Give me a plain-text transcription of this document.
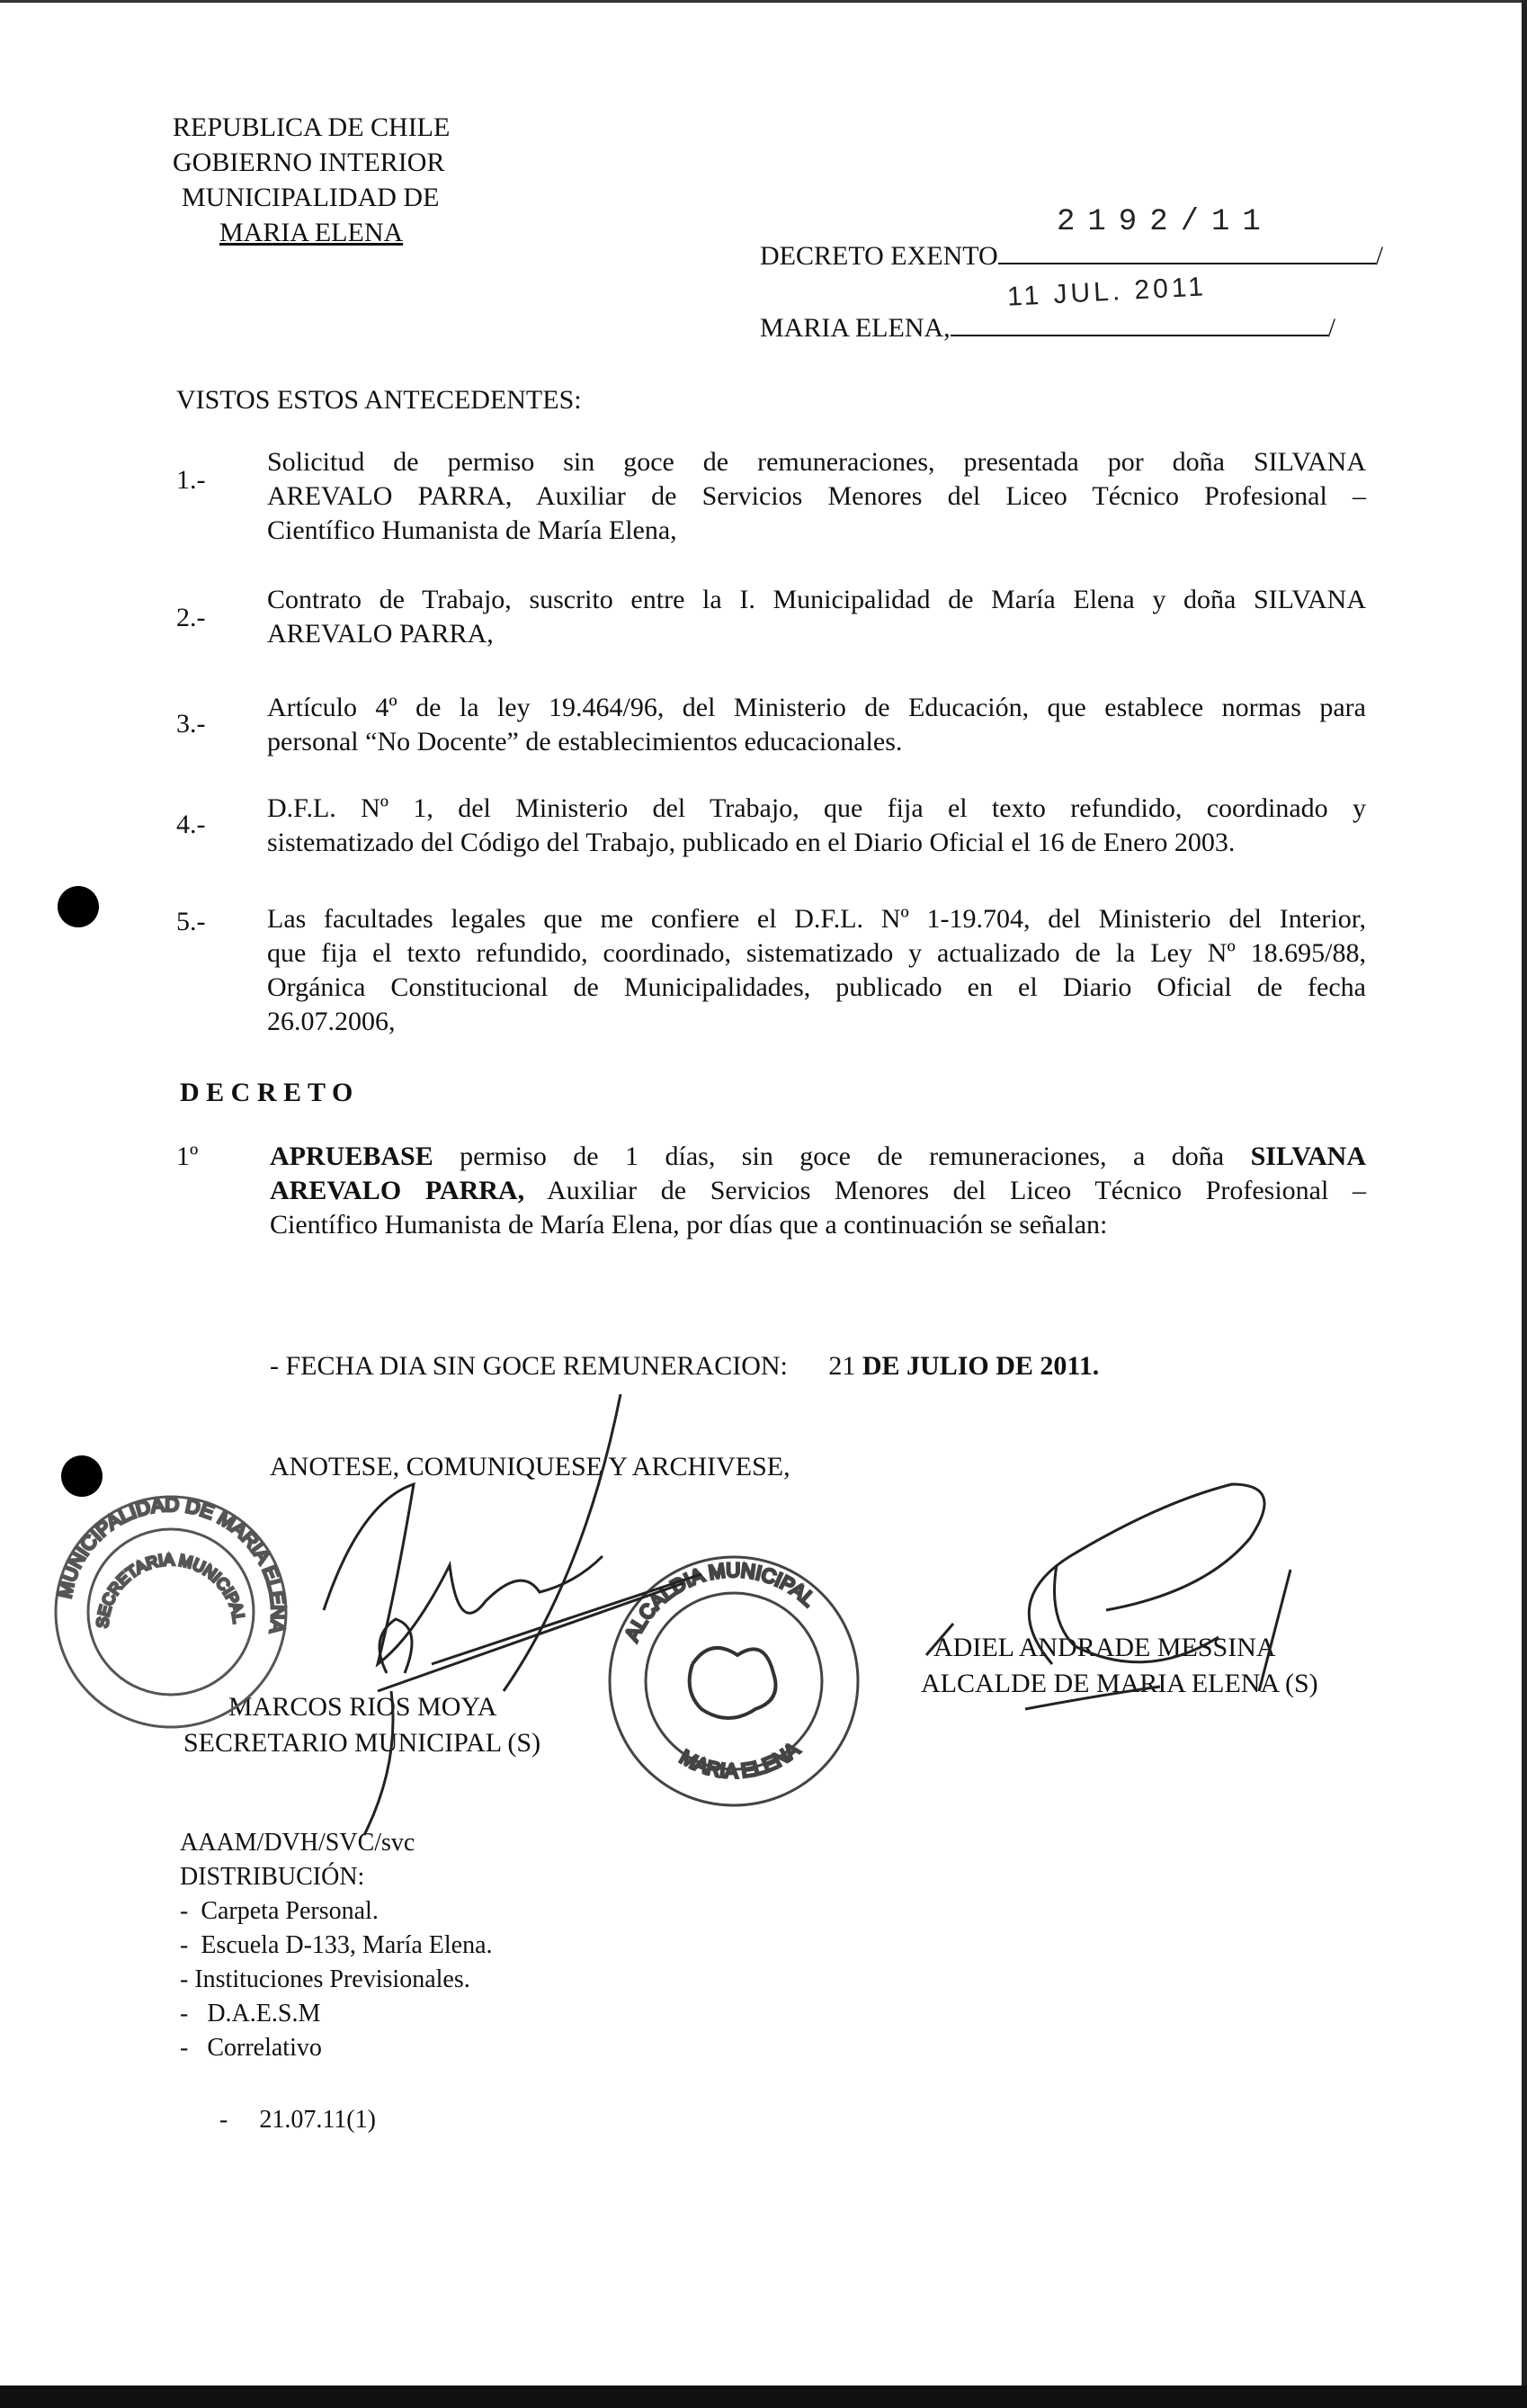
REPUBLICA DE CHILE
GOBIERNO INTERIOR
MUNICIPALIDAD DE
MARIA ELENA
DECRETO EXENTO	/
2192/11
MARIA ELENA,	/
11 JUL. 2011
VISTOS ESTOS ANTECEDENTES:
1.-
Solicitud de permiso sin goce de remuneraciones, presentada por doña SILVANA
AREVALO PARRA, Auxiliar de Servicios Menores del Liceo Técnico Profesional –
Científico Humanista de María Elena,
2.-
Contrato de Trabajo, suscrito entre la I. Municipalidad de María Elena y doña SILVANA
AREVALO PARRA,
3.-
Artículo 4º de la ley 19.464/96, del Ministerio de Educación, que establece normas para
personal “No Docente” de establecimientos educacionales.
4.-
D.F.L. Nº 1, del Ministerio del Trabajo, que fija el texto refundido, coordinado y
sistematizado del Código del Trabajo, publicado en el Diario Oficial el 16 de Enero 2003.
5.- Las facultades legales que me confiere el D.F.L. Nº 1-19.704, del Ministerio del Interior,
que fija el texto refundido, coordinado, sistematizado y actualizado de la Ley Nº 18.695/88,
Orgánica Constitucional de Municipalidades, publicado en el Diario Oficial de fecha
26.07.2006,
D E C R E T O
1º	APRUEBASE permiso de 1 días, sin goce de remuneraciones, a doña SILVANA
AREVALO PARRA, Auxiliar de Servicios Menores del Liceo Técnico Profesional –
Científico Humanista de María Elena, por días que a continuación se señalan:
- FECHA DIA SIN GOCE REMUNERACION: 21 DE JULIO DE 2011.
ANOTESE, COMUNIQUESE Y ARCHIVESE,
MARCOS RIOS MOYA
SECRETARIO MUNICIPAL (S)
ADIEL ANDRADE MESSINA
ALCALDE DE MARIA ELENA (S)
MUNICIPALIDAD DE MARIA ELENA
SECRETARIA MUNICIPAL
ALCALDIA MUNICIPAL
MARIA ELENA
AAAM/DVH/SVC/svc
DISTRIBUCIÓN:
-  Carpeta Personal.
-  Escuela D-133, María Elena.
- Instituciones Previsionales.
-   D.A.E.S.M
-   Correlativo
-     21.07.11(1)
